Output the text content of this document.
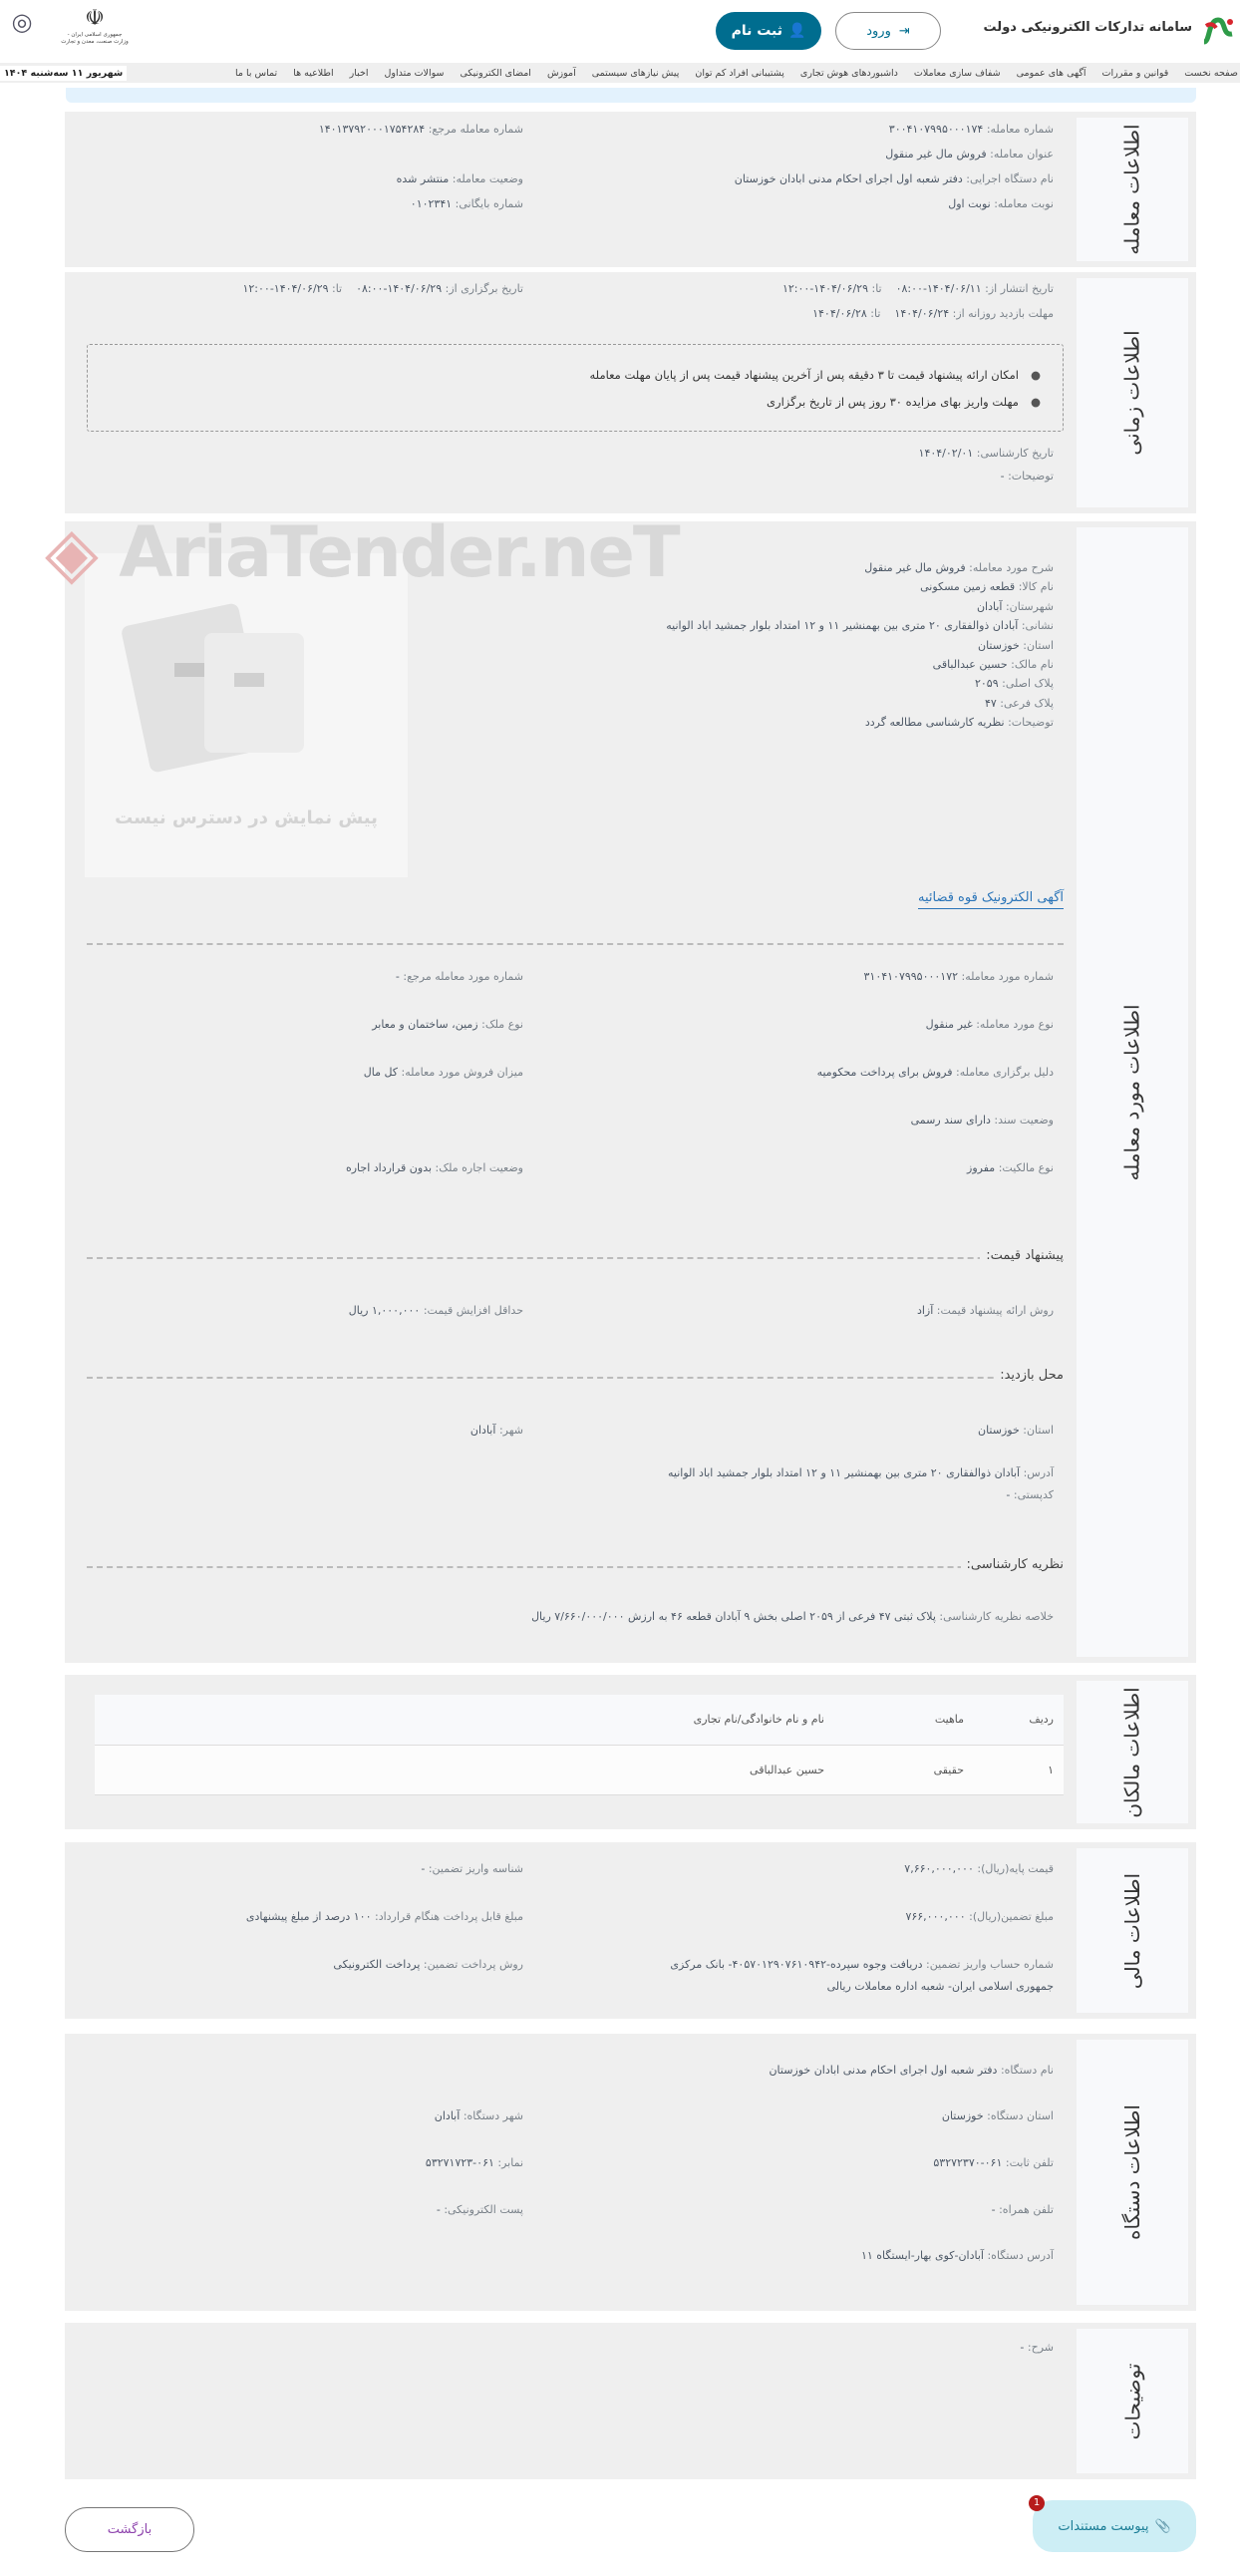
سامانه تدارکات الکترونیکی دولت
⇥
ورود
👤
ثبت نام
☫
جمهوری اسلامی ایران - وزارت صنعت، معدن و تجارت
◎
صفحه نخست
قوانین و مقررات
آگهی های عمومی
شفاف سازی معاملات
داشبوردهای هوش تجاری
پشتیبانی افراد کم توان
پیش نیازهای سیستمی
آموزش
امضای الکترونیکی
سوالات متداول
اخبار
اطلاعیه ها
تماس با ما
شهریور ۱۱ سه‌شنبه ۱۴۰۴
اطلاعات معامله
شماره معامله: ۳۰۰۴۱۰۷۹۹۵۰۰۰۱۷۴
شماره معامله مرجع: ۱۴۰۱۳۷۹۲۰۰۰۱۷۵۴۲۸۴
عنوان معامله: فروش مال غیر منقول
نام دستگاه اجرایی: دفتر شعبه اول اجرای احکام مدنی ابادان خوزستان
وضعیت معامله: منتشر شده
نوبت معامله: نوبت اول
شماره بایگانی: ۰۱۰۲۳۴۱
اطلاعات زمانی
● امکان ارائه پیشنهاد قیمت تا ۳ دقیقه پس از آخرین پیشنهاد قیمت پس از پایان مهلت معامله
● مهلت واریز بهای مزایده ۳۰ روز پس از تاریخ برگزاری
تاریخ انتشار از: ۱۴۰۴/۰۶/۱۱-۰۸:۰۰    تا: ۱۴۰۴/۰۶/۲۹-۱۲:۰۰
تاریخ برگزاری از: ۱۴۰۴/۰۶/۲۹-۰۸:۰۰    تا: ۱۴۰۴/۰۶/۲۹-۱۲:۰۰
مهلت بازدید روزانه از: ۱۴۰۴/۰۶/۲۴    تا: ۱۴۰۴/۰۶/۲۸
تاریخ کارشناسی: ۱۴۰۴/۰۲/۰۱
توضیحات: -
اطلاعات مورد معامله
پیش نمایش در دسترس نیست
◈ AriaTender.neT
آگهی الکترونیک قوه قضائیه
شرح مورد معامله: فروش مال غیر منقول
نام کالا: قطعه زمین مسکونی
شهرستان: آبادان
نشانی: آبادان ذوالفقاری ۲۰ متری بین بهمنشیر ۱۱ و ۱۲ امتداد بلوار جمشید اباد الوانیه
استان: خوزستان
نام مالک: حسین عبدالباقی
پلاک اصلی: ۲۰۵۹
پلاک فرعی: ۴۷
توضیحات: نظریه کارشناسی مطالعه گردد
شماره مورد معامله: ۳۱۰۴۱۰۷۹۹۵۰۰۰۱۷۲
شماره مورد معامله مرجع: -
نوع مورد معامله: غیر منقول
نوع ملک: زمین، ساختمان و معابر
دلیل برگزاری معامله: فروش برای پرداخت محکومیه
میزان فروش مورد معامله: کل مال
وضعیت سند: دارای سند رسمی
نوع مالکیت: مفروز
وضعیت اجاره ملک: بدون قرارداد اجاره
پیشنهاد قیمت:
روش ارائه پیشنهاد قیمت: آزاد
حداقل افزایش قیمت: ۱,۰۰۰,۰۰۰ ریال
محل بازدید:
استان: خوزستان
شهر: آبادان
آدرس: آبادان ذوالفقاری ۲۰ متری بین بهمنشیر ۱۱ و ۱۲ امتداد بلوار جمشید اباد الوانیه
کدپستی: -
نظریه کارشناسی:
خلاصه نظریه کارشناسی: پلاک ثبتی ۴۷ فرعی از ۲۰۵۹ اصلی بخش ۹ آبادان قطعه ۴۶ به ارزش ۷/۶۶۰/۰۰۰/۰۰۰ ریال
اطلاعات مالکان
ردیف	ماهیت	نام و نام خانوادگی/نام تجاری
۱	حقیقی	حسین عبدالباقی
اطلاعات مالی
قیمت پایه(ریال): ۷,۶۶۰,۰۰۰,۰۰۰
شناسه واریز تضمین: -
مبلغ تضمین(ریال): ۷۶۶,۰۰۰,۰۰۰
مبلغ قابل پرداخت هنگام قرارداد: ۱۰۰ درصد از مبلغ پیشنهادی
شماره حساب واریز تضمین: دریافت وجوه سپرده-۴۰۵۷۰۱۲۹۰۷۶۱۰۹۴۲- بانک مرکزی
روش پرداخت تضمین: پرداخت الکترونیکی
جمهوری اسلامی ایران- شعبه اداره معاملات ریالی
اطلاعات دستگاه
نام دستگاه: دفتر شعبه اول اجرای احکام مدنی ابادان خوزستان
استان دستگاه: خوزستان
شهر دستگاه: آبادان
تلفن ثابت: ۰۶۱-۵۳۲۷۲۳۷۰
نمابر: ۰۶۱-۵۳۲۷۱۷۲۳
تلفن همراه: -
پست الکترونیکی: -
آدرس دستگاه: آبادان-کوی بهار-ایستگاه ۱۱
توضیحات
شرح: -
📎
پیوست مستندات
1
بازگشت
